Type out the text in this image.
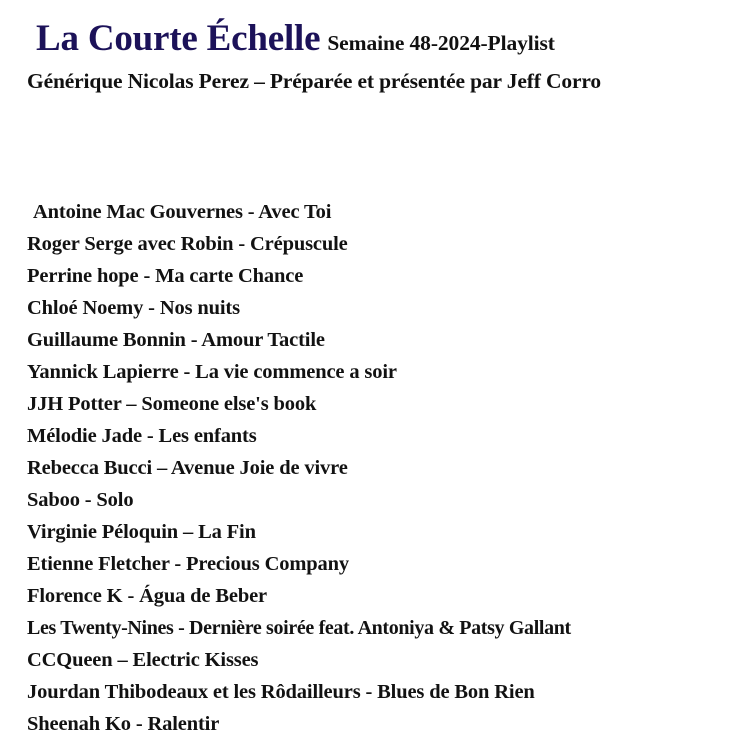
La Courte Échelle Semaine 48-2024-Playlist
Générique Nicolas Perez – Préparée et présentée par Jeff Corro
Antoine Mac Gouvernes - Avec Toi
Roger Serge avec Robin - Crépuscule
Perrine hope - Ma carte Chance
Chloé Noemy - Nos nuits
Guillaume Bonnin - Amour Tactile
Yannick Lapierre - La vie commence a soir
JJH Potter – Someone else's book
Mélodie Jade - Les enfants
Rebecca Bucci – Avenue Joie de vivre
Saboo - Solo
Virginie Péloquin – La Fin
Etienne Fletcher - Precious Company
Florence K - Água de Beber
Les Twenty-Nines - Dernière soirée feat. Antoniya & Patsy Gallant
CCQueen – Electric Kisses
Jourdan Thibodeaux et les Rôdailleurs - Blues de Bon Rien
Sheenah Ko - Ralentir
